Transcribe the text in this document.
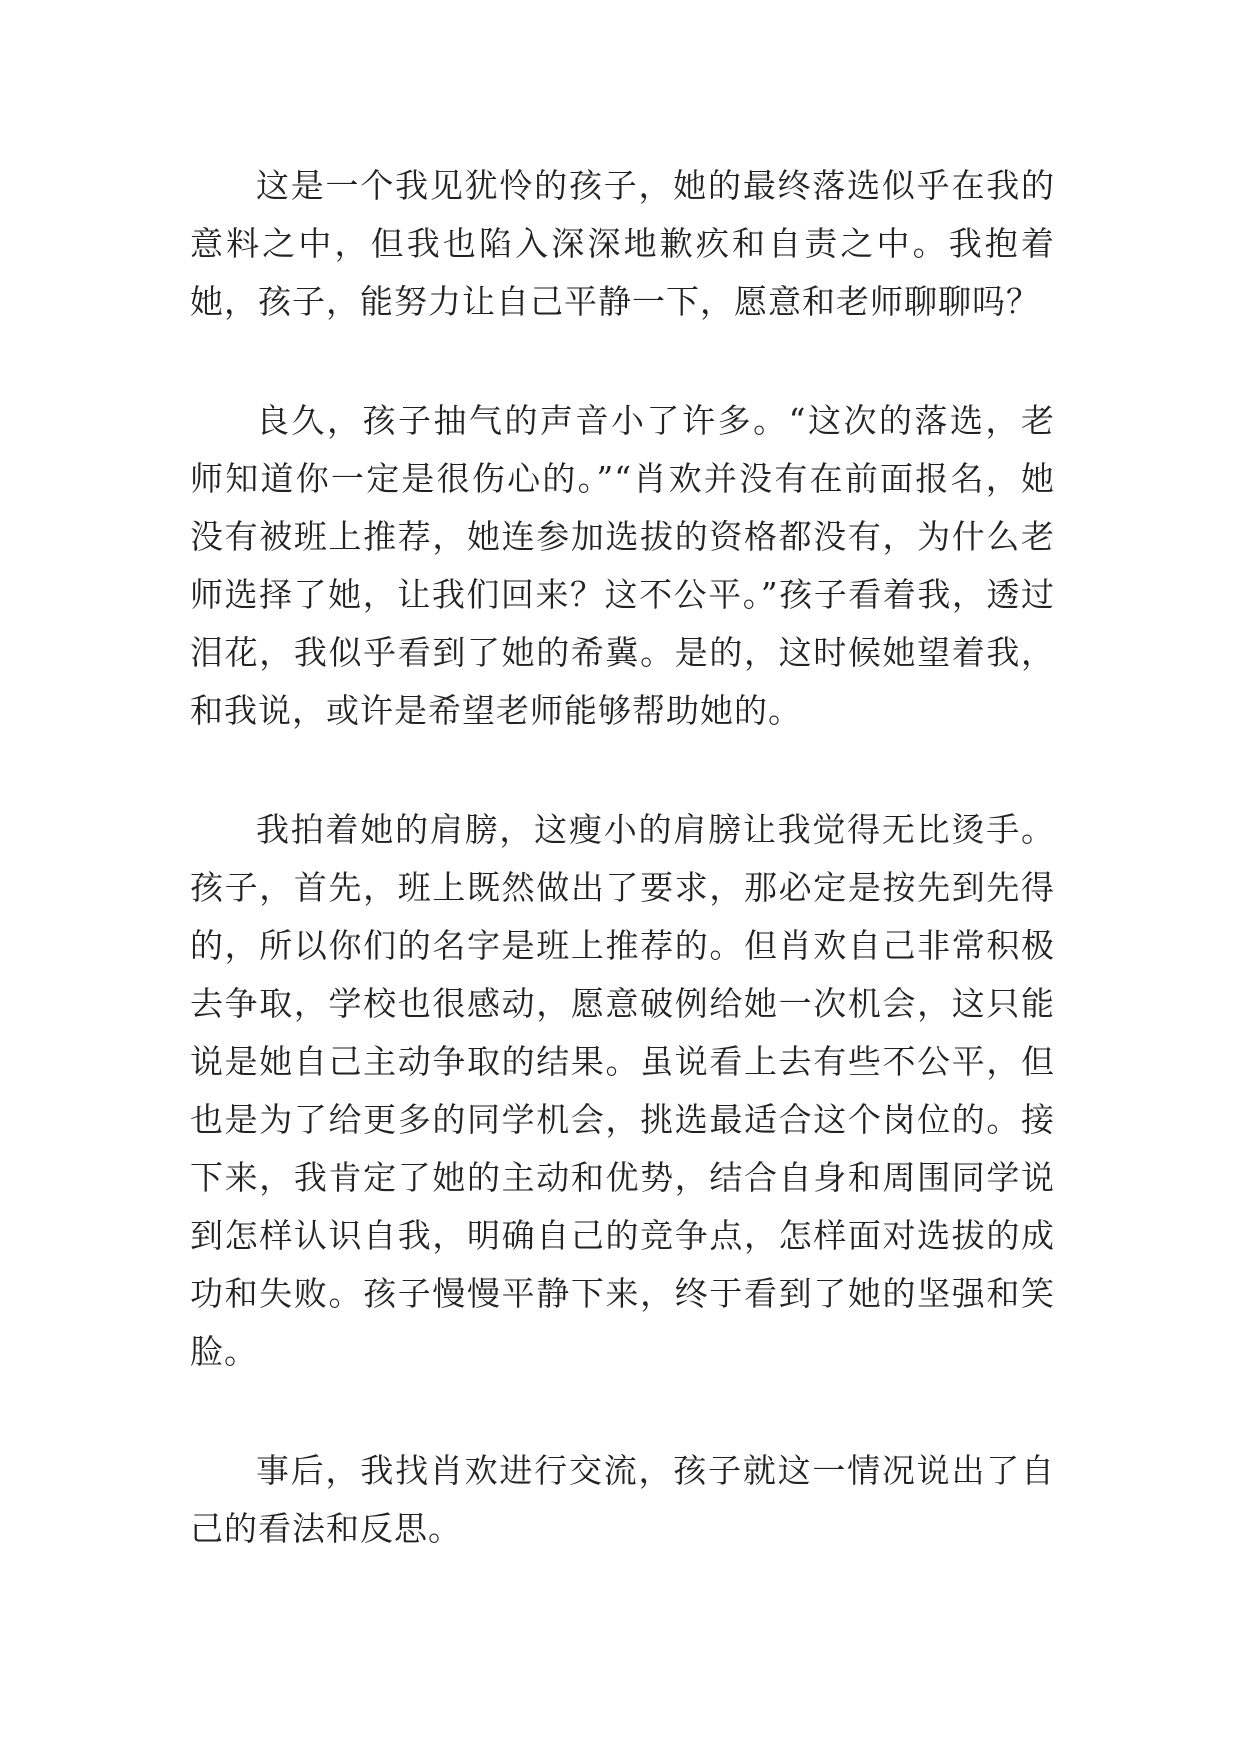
这是一个我见犹怜的孩子，她的最终落选似乎在我的意料之中，但我也陷入深深地歉疚和自责之中。我抱着她，孩子，能努力让自己平静一下，愿意和老师聊聊吗？

良久，孩子抽气的声音小了许多。“这次的落选，老师知道你一定是很伤心的。”“肖欢并没有在前面报名，她没有被班上推荐，她连参加选拔的资格都没有，为什么老师选择了她，让我们回来？这不公平。”孩子看着我，透过泪花，我似乎看到了她的希冀。是的，这时候她望着我，和我说，或许是希望老师能够帮助她的。

我拍着她的肩膀，这瘦小的肩膀让我觉得无比烫手。孩子，首先，班上既然做出了要求，那必定是按先到先得的，所以你们的名字是班上推荐的。但肖欢自己非常积极去争取，学校也很感动，愿意破例给她一次机会，这只能说是她自己主动争取的结果。虽说看上去有些不公平，但也是为了给更多的同学机会，挑选最适合这个岗位的。接下来，我肯定了她的主动和优势，结合自身和周围同学说到怎样认识自我，明确自己的竞争点，怎样面对选拔的成功和失败。孩子慢慢平静下来，终于看到了她的坚强和笑脸。

事后，我找肖欢进行交流，孩子就这一情况说出了自己的看法和反思。
